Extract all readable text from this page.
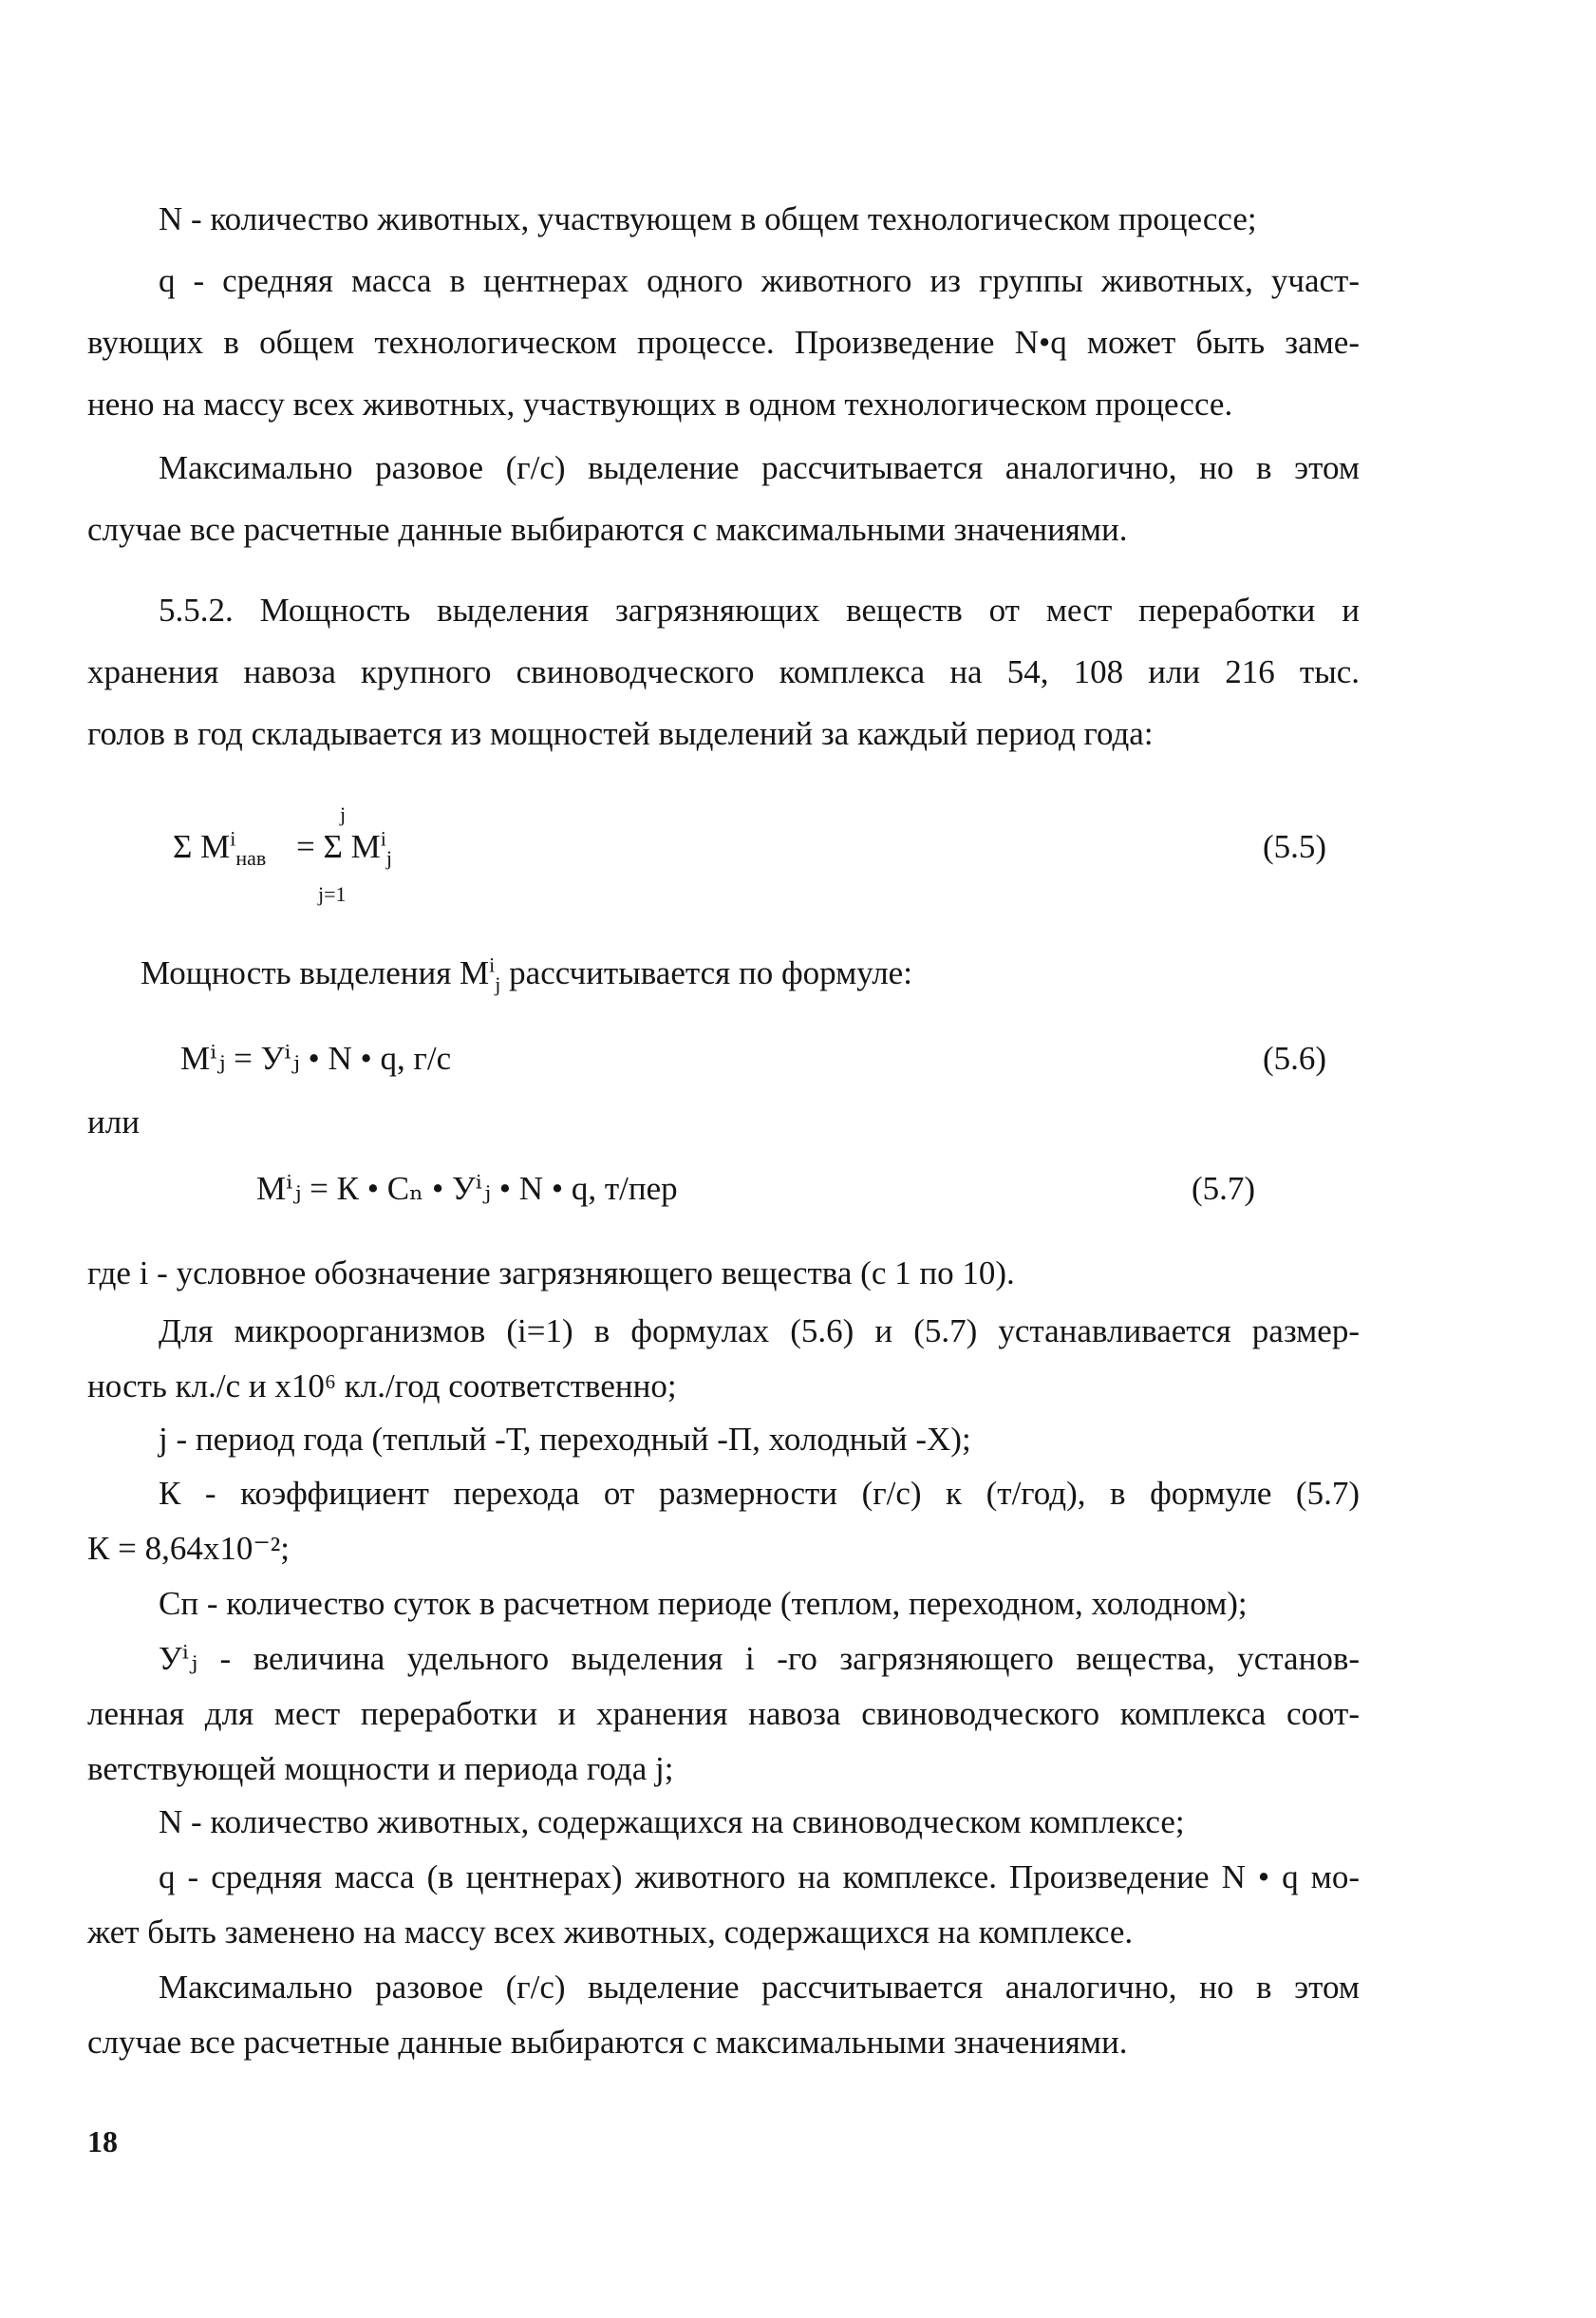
N - количество животных, участвующем в общем технологическом процессе;
q - средняя масса в центнерах одного животного из группы животных, участ-
вующих в общем технологическом процессе. Произведение N•q может быть заме-
нено на массу всех животных, участвующих в одном технологическом процессе.
Максимально разовое (г/с) выделение рассчитывается аналогично, но в этом
случае все расчетные данные выбираются с максимальными значениями.
5.5.2. Мощность выделения загрязняющих веществ от мест переработки и
хранения навоза крупного свиноводческого комплекса на 54, 108 или 216 тыс.
голов в год складывается из мощностей выделений за каждый период года:
j
Σ $M^i_{нав} = \Sigma$ $M^i_j$
j=1
(5.5)
Мощность выделения $M^i_j$ рассчитывается по формуле:
Mⁱⱼ = Уⁱⱼ • N • q, г/с	(5.6)
или
Mⁱⱼ = К • Cₙ • Уⁱⱼ • N • q, т/пер	(5.7)
где i - условное обозначение загрязняющего вещества (с 1 по 10).
Для микроорганизмов (i=1) в формулах (5.6) и (5.7) устанавливается размер-
ность кл./с и x10⁶ кл./год соответственно;
j - период года (теплый -Т, переходный -П, холодный -Х);
К - коэффициент перехода от размерности (г/с) к (т/год), в формуле (5.7)
К = 8,64x10⁻²;
Cп - количество суток в расчетном периоде (теплом, переходном, холодном);
Уⁱⱼ - величина удельного выделения i -го загрязняющего вещества, установ-
ленная для мест переработки и хранения навоза свиноводческого комплекса соот-
ветствующей мощности и периода года j;
N - количество животных, содержащихся на свиноводческом комплексе;
q - средняя масса (в центнерах) животного на комплексе. Произведение N • q мо-
жет быть заменено на массу всех животных, содержащихся на комплексе.
Максимально разовое (г/с) выделение рассчитывается аналогично, но в этом
случае все расчетные данные выбираются с максимальными значениями.
18
